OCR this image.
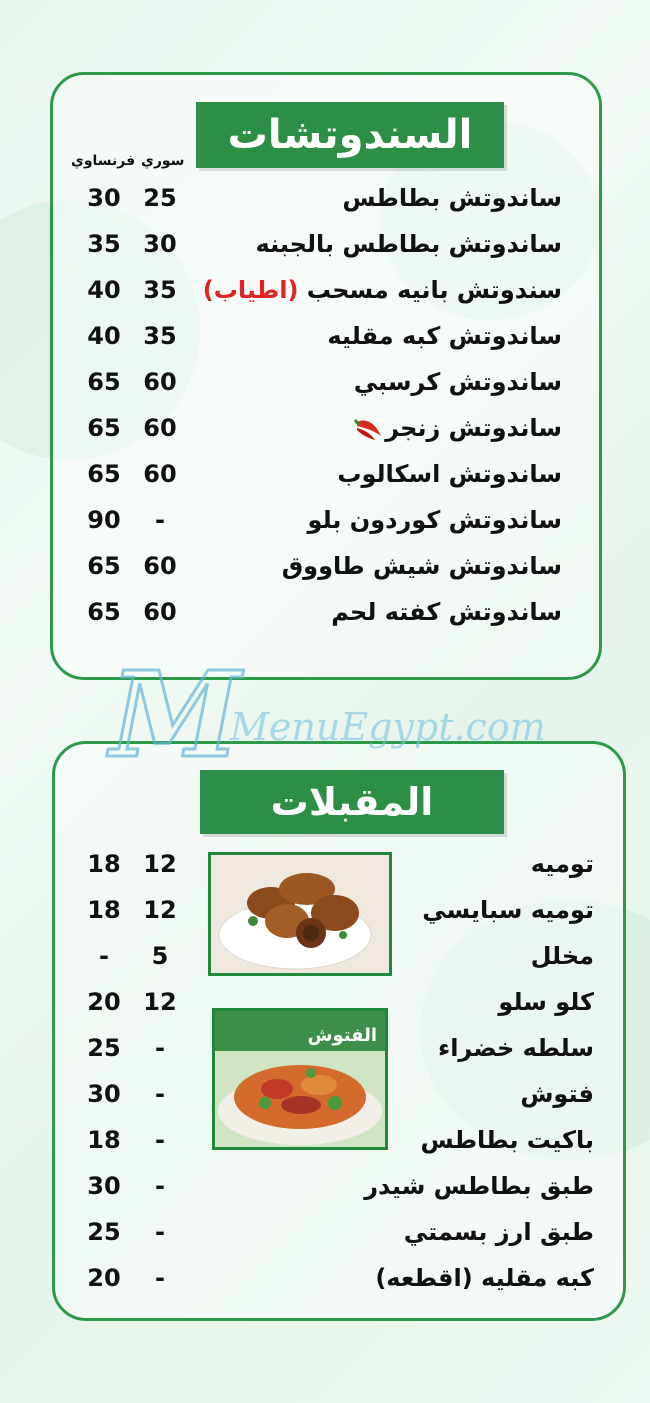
السندوتشات
سوري
فرنساوي
ساندوتش بطاطس
25
30
ساندوتش بطاطس بالجبنه
30
35
سندوتش بانيه مسحب (اطياب)
35
40
ساندوتش كبه مقليه
35
40
ساندوتش كرسبي
60
65
ساندوتش زنجر
60
65
ساندوتش اسكالوب
60
65
ساندوتش كوردون بلو
-
90
ساندوتش شيش طاووق
60
65
ساندوتش كفته لحم
60
65
المقبلات
توميه
12
18
توميه سبايسي
12
18
مخلل
5
-
كلو سلو
12
20
سلطه خضراء
-
25
فتوش
-
30
باكيت بطاطس
-
18
طبق بطاطس شيدر
-
30
طبق ارز بسمتي
-
25
كبه مقليه (اقطعه)
-
20
الفتوش
M
MenuEgypt.com
